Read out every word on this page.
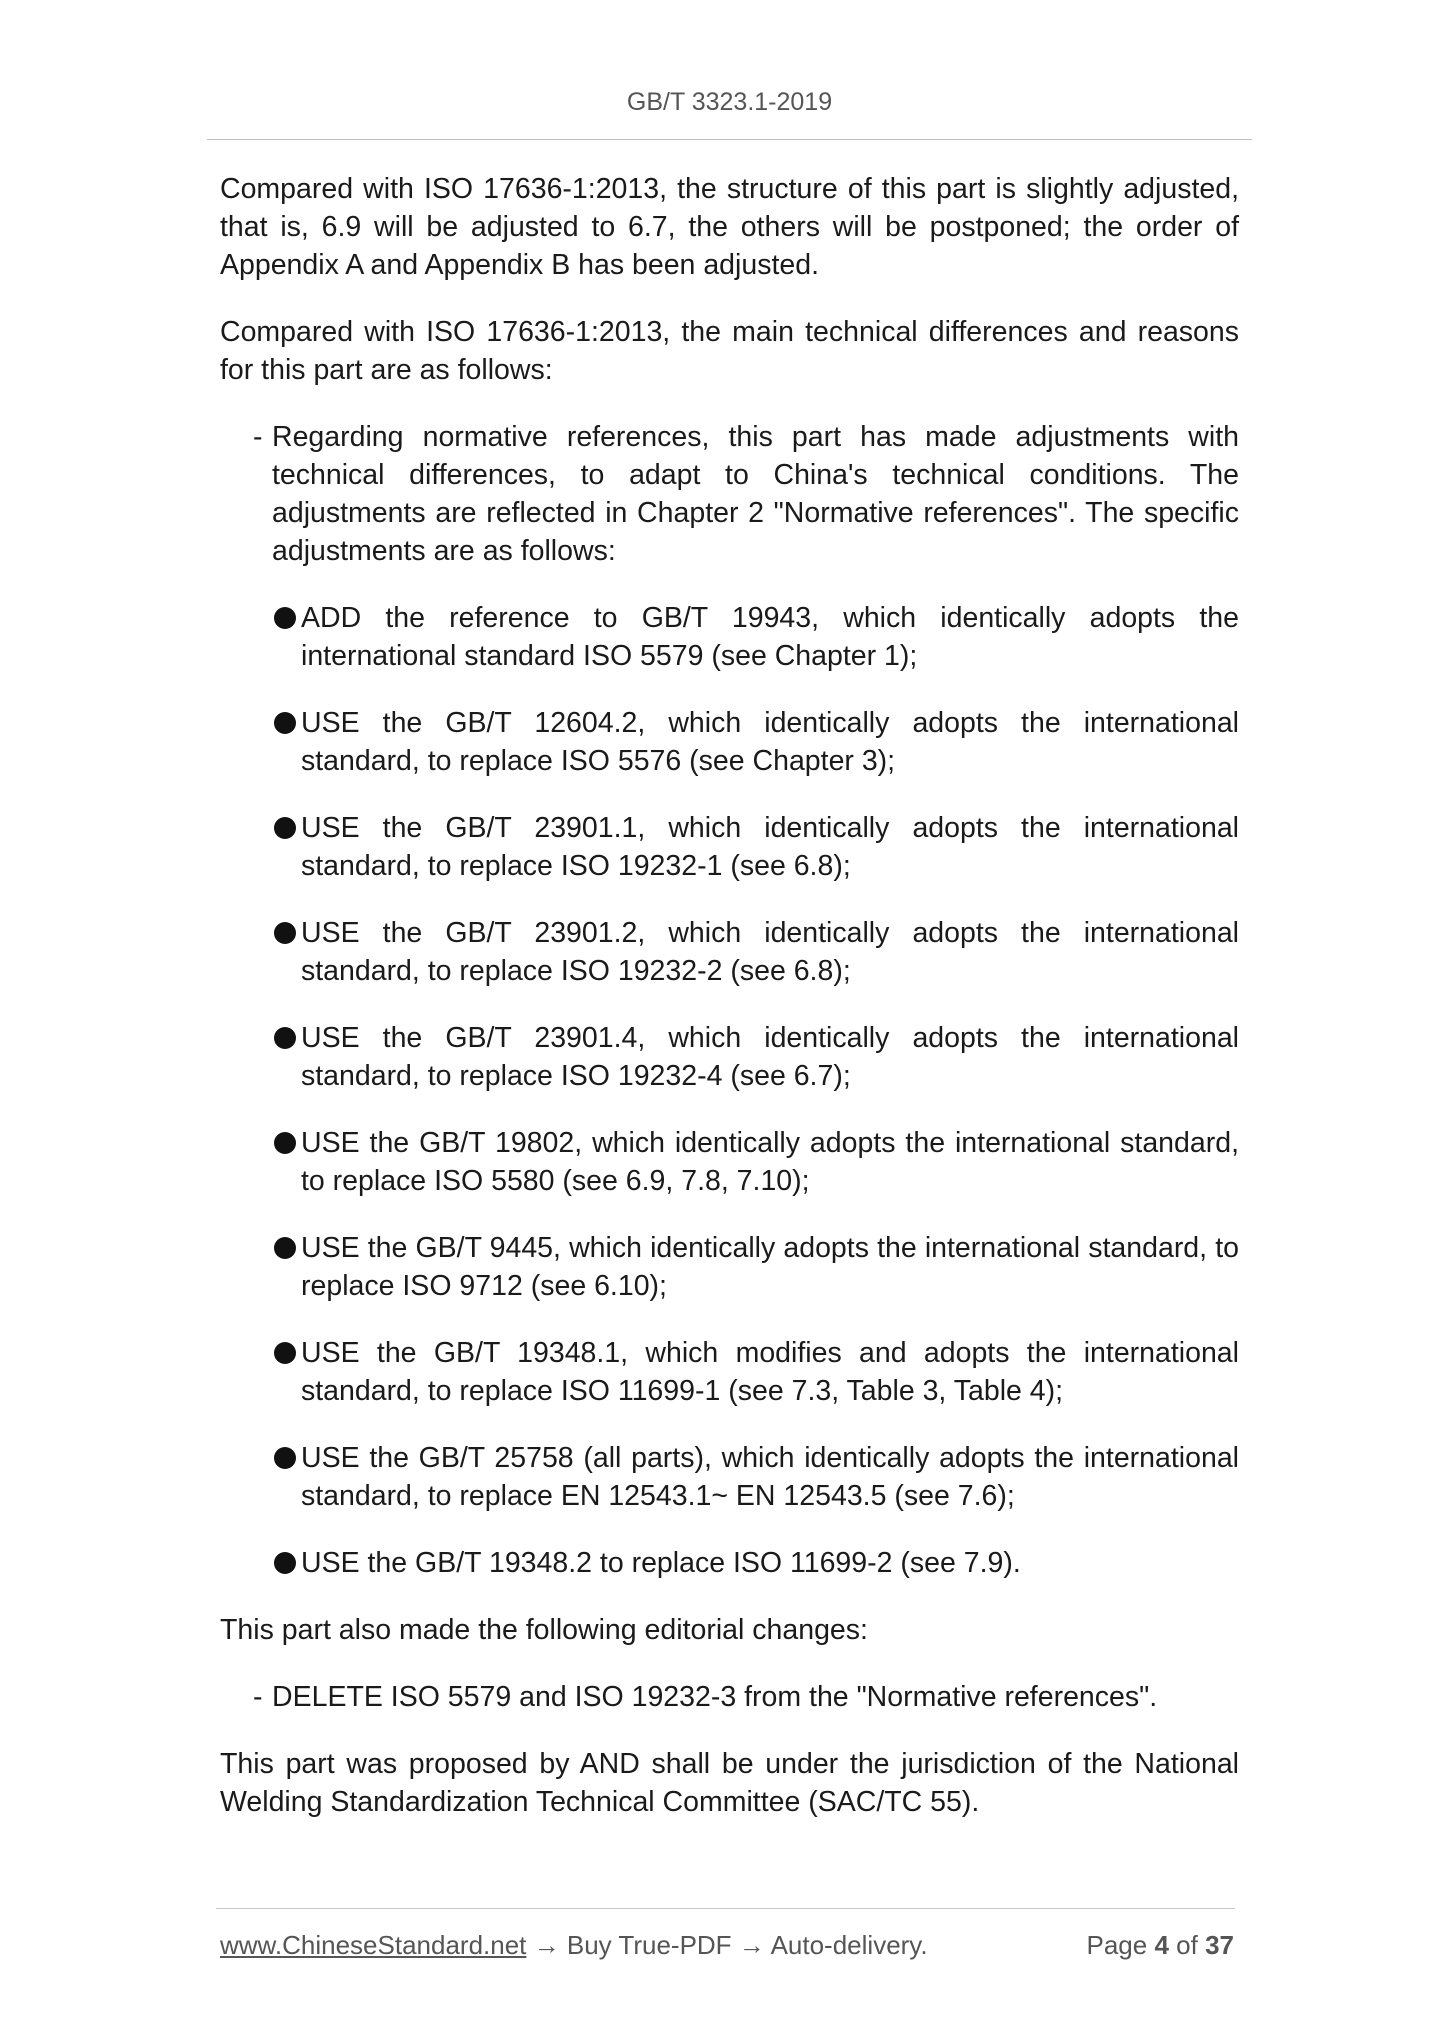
GB/T 3323.1-2019

Compared with ISO 17636-1:2013, the structure of this part is slightly adjusted, that is, 6.9 will be adjusted to 6.7, the others will be postponed; the order of Appendix A and Appendix B has been adjusted.

Compared with ISO 17636-1:2013, the main technical differences and reasons for this part are as follows:

- Regarding normative references, this part has made adjustments with technical differences, to adapt to China's technical conditions. The adjustments are reflected in Chapter 2 "Normative references". The specific adjustments are as follows:
ADD the reference to GB/T 19943, which identically adopts the international standard ISO 5579 (see Chapter 1);
USE the GB/T 12604.2, which identically adopts the international standard, to replace ISO 5576 (see Chapter 3);
USE the GB/T 23901.1, which identically adopts the international standard, to replace ISO 19232-1 (see 6.8);
USE the GB/T 23901.2, which identically adopts the international standard, to replace ISO 19232-2 (see 6.8);
USE the GB/T 23901.4, which identically adopts the international standard, to replace ISO 19232-4 (see 6.7);
USE the GB/T 19802, which identically adopts the international standard, to replace ISO 5580 (see 6.9, 7.8, 7.10);
USE the GB/T 9445, which identically adopts the international standard, to replace ISO 9712 (see 6.10);
USE the GB/T 19348.1, which modifies and adopts the international standard, to replace ISO 11699-1 (see 7.3, Table 3, Table 4);
USE the GB/T 25758 (all parts), which identically adopts the international standard, to replace EN 12543.1~ EN 12543.5 (see 7.6);
USE the GB/T 19348.2 to replace ISO 11699-2 (see 7.9).

This part also made the following editorial changes:

- DELETE ISO 5579 and ISO 19232-3 from the "Normative references".

This part was proposed by AND shall be under the jurisdiction of the National Welding Standardization Technical Committee (SAC/TC 55).

www.ChineseStandard.net → Buy True-PDF → Auto-delivery.	Page 4 of 37
